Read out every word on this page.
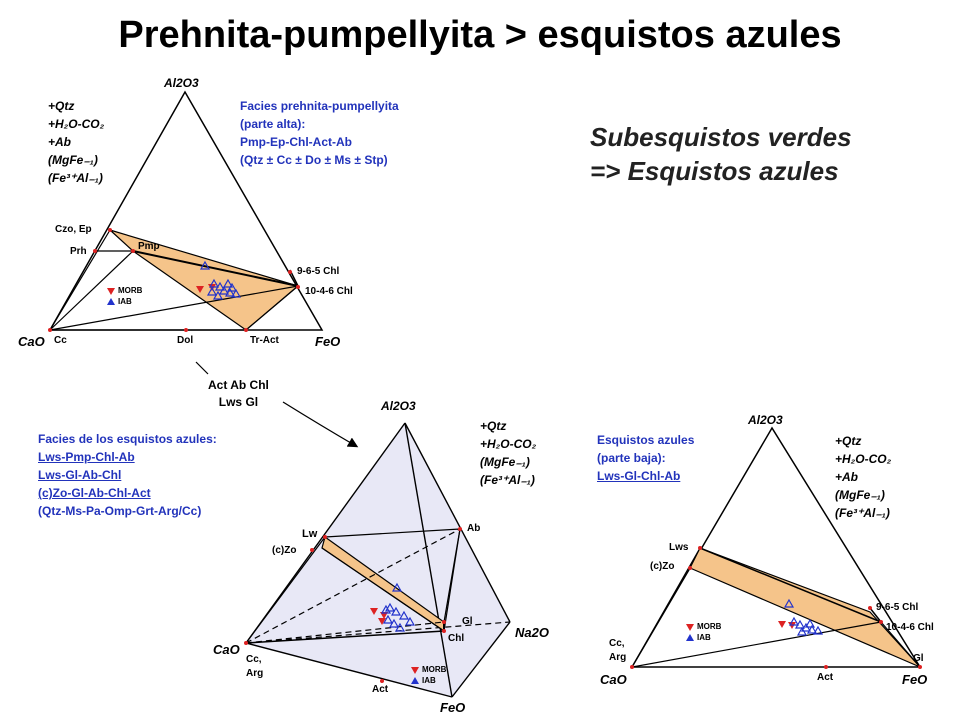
Prehnita-pumpellyita > esquistos azules
Subesquistos verdes
=> Esquistos azules
Al2O3
CaO	FeO
+Qtz
+H₂O-CO₂
+Ab
(MgFe₋₁)
(Fe³⁺Al₋₁)
Facies prehnita-pumpellyita
(parte alta):
Pmp-Ep-Chl-Act-Ab
(Qtz ± Cc ± Do ± Ms ± Stp)
Czo, Ep
Prh	Pmp
9-6-5 Chl
10-4-6 Chl
Cc	Dol	Tr-Act
MORB
IAB
Act Ab Chl
Lws Gl	Al2O3
CaO
Na2O
FeO
+Qtz
+H₂O-CO₂
(MgFe₋₁)
(Fe³⁺Al₋₁)
Facies de los esquistos azules:
Lws-Pmp-Chl-Ab
Lws-Gl-Ab-Chl
(c)Zo-Gl-Ab-Chl-Act
(Qtz-Ms-Pa-Omp-Grt-Arg/Cc)
Lw
(c)Zo
Ab
Gl
Chl
Cc,
Arg
Act
MORB
IAB
Al2O3
CaO	FeO
+Qtz
+H₂O-CO₂
+Ab
(MgFe₋₁)
(Fe³⁺Al₋₁)
Esquistos azules
(parte baja):
Lws-Gl-Chl-Ab
Lws
(c)Zo
Cc,
Arg
9-6-5 Chl
10-4-6 Chl
Gl
Act
MORB
IAB
